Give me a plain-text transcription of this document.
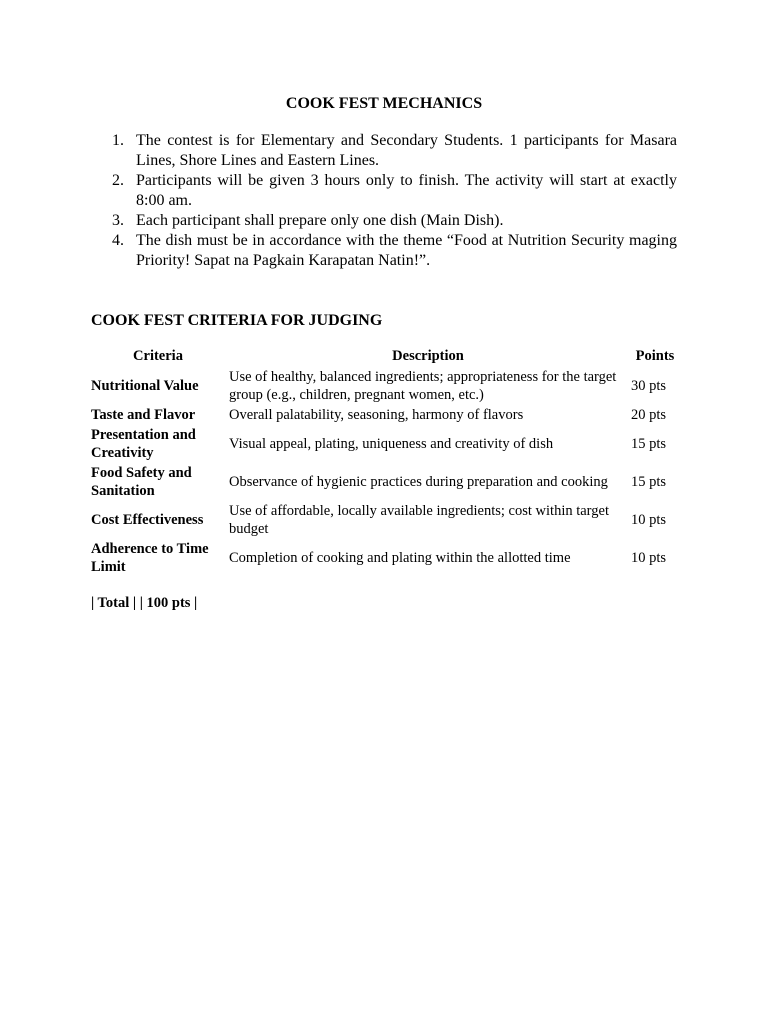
COOK FEST MECHANICS
1. The contest is for Elementary and Secondary Students. 1 participants for Masara Lines, Shore Lines and Eastern Lines.
2. Participants will be given 3 hours only to finish. The activity will start at exactly 8:00 am.
3. Each participant shall prepare only one dish (Main Dish).
4. The dish must be in accordance with the theme “Food at Nutrition Security maging Priority! Sapat na Pagkain Karapatan Natin!”.
COOK FEST CRITERIA FOR JUDGING
Criteria	Description	Points
Nutritional Value	Use of healthy, balanced ingredients; appropriateness for the target group (e.g., children, pregnant women, etc.)	30 pts
Taste and Flavor	Overall palatability, seasoning, harmony of flavors	20 pts
Presentation and Creativity	Visual appeal, plating, uniqueness and creativity of dish	15 pts
Food Safety and Sanitation	Observance of hygienic practices during preparation and cooking	15 pts
Cost Effectiveness	Use of affordable, locally available ingredients; cost within target budget	10 pts
Adherence to Time Limit	Completion of cooking and plating within the allotted time	10 pts

| Total | | 100 pts |
